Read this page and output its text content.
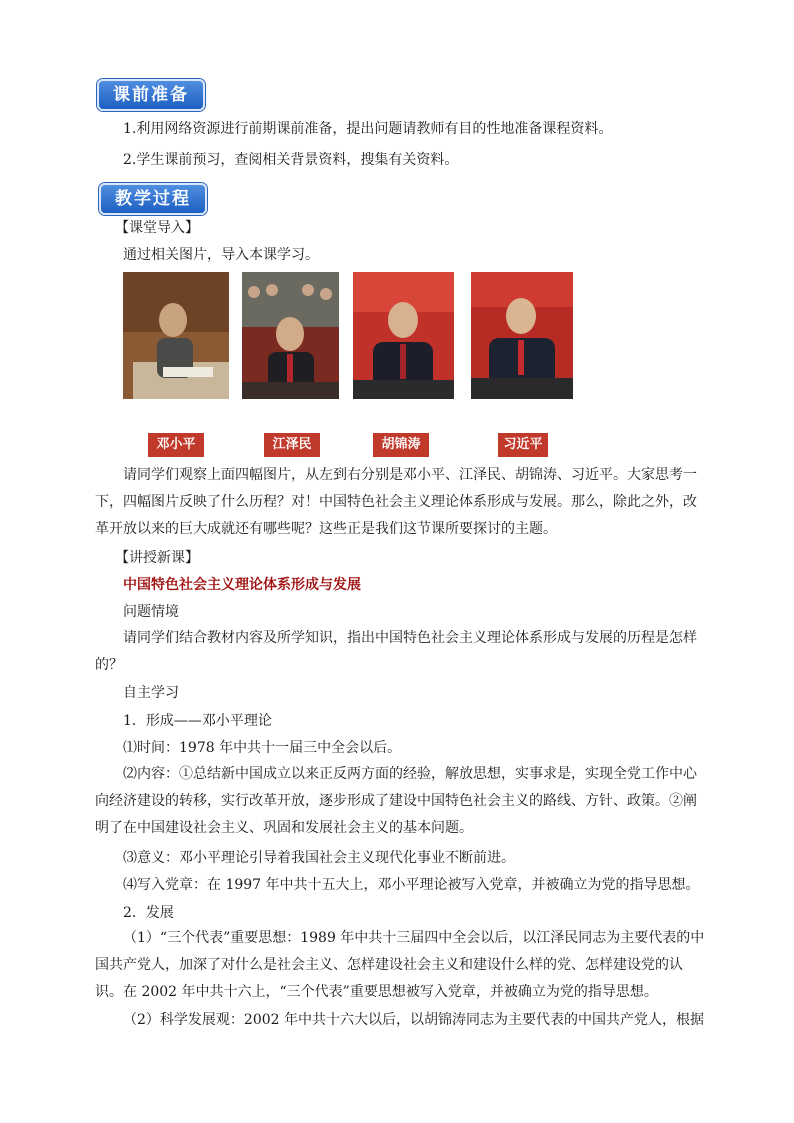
课前准备
1.利用网络资源进行前期课前准备，提出问题请教师有目的性地准备课程资料。
2.学生课前预习，查阅相关背景资料，搜集有关资料。
教学过程
【课堂导入】
通过相关图片，导入本课学习。
邓小平	江泽民	胡锦涛	习近平
请同学们观察上面四幅图片，从左到右分别是邓小平、江泽民、胡锦涛、习近平。大家思考一下，四幅图片反映了什么历程？对！中国特色社会主义理论体系形成与发展。那么，除此之外，改革开放以来的巨大成就还有哪些呢？这些正是我们这节课所要探讨的主题。
【讲授新课】
中国特色社会主义理论体系形成与发展
问题情境
请同学们结合教材内容及所学知识，指出中国特色社会主义理论体系形成与发展的历程是怎样的？
自主学习
1．形成——邓小平理论
⑴时间：1978 年中共十一届三中全会以后。
⑵内容：①总结新中国成立以来正反两方面的经验，解放思想，实事求是，实现全党工作中心向经济建设的转移，实行改革开放，逐步形成了建设中国特色社会主义的路线、方针、政策。②阐明了在中国建设社会主义、巩固和发展社会主义的基本问题。
⑶意义：邓小平理论引导着我国社会主义现代化事业不断前进。
⑷写入党章：在 1997 年中共十五大上，邓小平理论被写入党章，并被确立为党的指导思想。
2．发展
（1）“三个代表”重要思想：1989 年中共十三届四中全会以后，以江泽民同志为主要代表的中国共产党人，加深了对什么是社会主义、怎样建设社会主义和建设什么样的党、怎样建设党的认识。在 2002 年中共十六上，“三个代表”重要思想被写入党章，并被确立为党的指导思想。
（2）科学发展观：2002 年中共十六大以后，以胡锦涛同志为主要代表的中国共产党人，根据
